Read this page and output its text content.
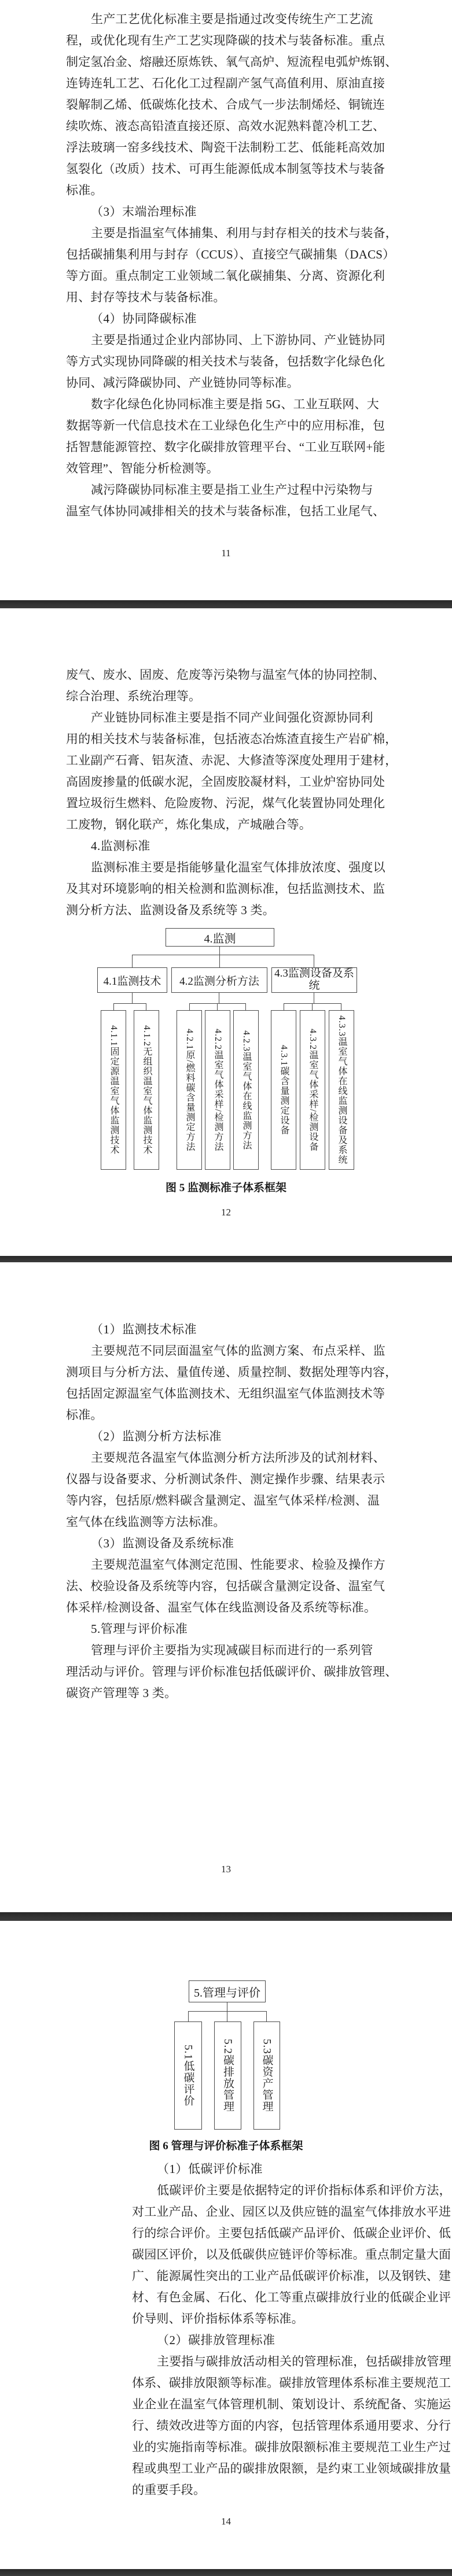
生产工艺优化标准主要是指通过改变传统生产工艺流
程，或优化现有生产工艺实现降碳的技术与装备标准。重点
制定氢冶金、熔融还原炼铁、氧气高炉、短流程电弧炉炼钢、
连铸连轧工艺、石化化工过程副产氢气高值利用、原油直接
裂解制乙烯、低碳炼化技术、合成气一步法制烯烃、铜锍连
续吹炼、液态高铅渣直接还原、高效水泥熟料蓖冷机工艺、
浮法玻璃一窑多线技术、陶瓷干法制粉工艺、低能耗高效加
氢裂化（改质）技术、可再生能源低成本制氢等技术与装备
标准。
（3）末端治理标准
主要是指温室气体捕集、利用与封存相关的技术与装备，
包括碳捕集利用与封存（CCUS）、直接空气碳捕集（DACS）
等方面。重点制定工业领域二氧化碳捕集、分离、资源化利
用、封存等技术与装备标准。
（4）协同降碳标准
主要是指通过企业内部协同、上下游协同、产业链协同
等方式实现协同降碳的相关技术与装备，包括数字化绿色化
协同、减污降碳协同、产业链协同等标准。
数字化绿色化协同标准主要是指 5G、工业互联网、大
数据等新一代信息技术在工业绿色化生产中的应用标准，包
括智慧能源管控、数字化碳排放管理平台、“工业互联网+能
效管理”、智能分析检测等。
减污降碳协同标准主要是指工业生产过程中污染物与
温室气体协同减排相关的技术与装备标准，包括工业尾气、
11
废气、废水、固废、危废等污染物与温室气体的协同控制、
综合治理、系统治理等。
产业链协同标准主要是指不同产业间强化资源协同利
用的相关技术与装备标准，包括液态冶炼渣直接生产岩矿棉，
工业副产石膏、铝灰渣、赤泥、大修渣等深度处理用于建材，
高固废掺量的低碳水泥，全固废胶凝材料，工业炉窑协同处
置垃圾衍生燃料、危险废物、污泥，煤气化装置协同处理化
工废物，钢化联产，炼化集成，产城融合等。
4.监测标准
监测标准主要是指能够量化温室气体排放浓度、强度以
及其对环境影响的相关检测和监测标准，包括监测技术、监
测分析方法、监测设备及系统等 3 类。
4.监测
4.1监测技术	4.2监测分析方法
4.3监测设备及系统
4.1.1固定源温室气体监测技术	4.1.2无组织温室气体监测技术	4.2.1原/燃料碳含量测定方法 4.2.2温室气体采样/检测方法 4.2.3温室气体在线监测方法	4.3.1碳含量测定设备 4.3.2温室气体采样/检测设备 4.3.3温室气体在线监测设备及系统
图 5 监测标准子体系框架
12
（1）监测技术标准
主要规范不同层面温室气体的监测方案、布点采样、监
测项目与分析方法、量值传递、质量控制、数据处理等内容，
包括固定源温室气体监测技术、无组织温室气体监测技术等
标准。
（2）监测分析方法标准
主要规范各温室气体监测分析方法所涉及的试剂材料、
仪器与设备要求、分析测试条件、测定操作步骤、结果表示
等内容，包括原/燃料碳含量测定、温室气体采样/检测、温
室气体在线监测等方法标准。
（3）监测设备及系统标准
主要规范温室气体测定范围、性能要求、检验及操作方
法、校验设备及系统等内容，包括碳含量测定设备、温室气
体采样/检测设备、温室气体在线监测设备及系统等标准。
5.管理与评价标准
管理与评价主要指为实现减碳目标而进行的一系列管
理活动与评价。管理与评价标准包括低碳评价、碳排放管理、
碳资产管理等 3 类。
13
5.管理与评价
5.1低碳评价	5.2碳排放管理 5.3碳资产管理
图 6 管理与评价标准子体系框架
（1）低碳评价标准
低碳评价主要是依据特定的评价指标体系和评价方法，
对工业产品、企业、园区以及供应链的温室气体排放水平进
行的综合评价。主要包括低碳产品评价、低碳企业评价、低
碳园区评价，以及低碳供应链评价等标准。重点制定量大面
广、能源属性突出的工业产品低碳评价标准，以及钢铁、建
材、有色金属、石化、化工等重点碳排放行业的低碳企业评
价导则、评价指标体系等标准。
（2）碳排放管理标准
主要指与碳排放活动相关的管理标准，包括碳排放管理
体系、碳排放限额等标准。碳排放管理体系标准主要规范工
业企业在温室气体管理机制、策划设计、系统配备、实施运
行、绩效改进等方面的内容，包括管理体系通用要求、分行
业的实施指南等标准。碳排放限额标准主要规范工业生产过
程或典型工业产品的碳排放限额，是约束工业领域碳排放量
的重要手段。
14
